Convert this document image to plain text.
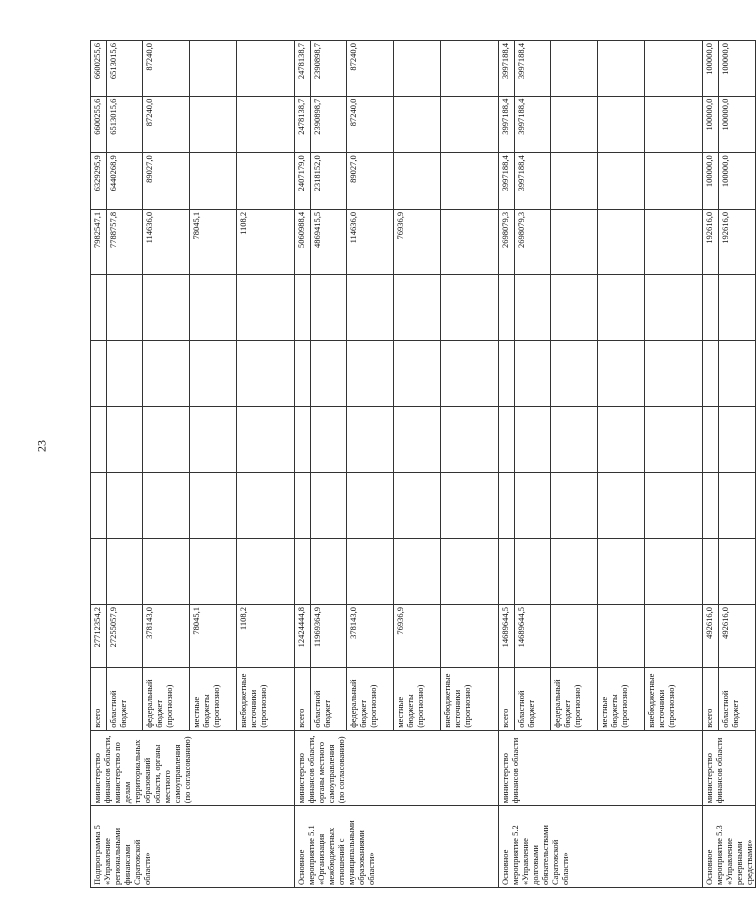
23
Подпрограмма 5 «Управление региональными финансами Саратовской области»	министерство финансов области, министерство по делам территориальных образований области, органы местного самоуправления (по согласованию)	всего	27712354,2						7982547,1	6329295,9	6600255,6	6600255,6
		областной бюджет	27255057,9						7788757,8	6440268,9	6513015,6	6513015,6
		федеральный бюджет (прогнозно)	378143,0						114636,0	89027,0	87240,0	87240,0
		местные бюджеты (прогнозно)	78045,1						78045,1			
		внебюджетные источники (прогнозно)	1108,2						1108,2			
Основное мероприятие 5.1 «Организация межбюджетных отношений с муниципальными образованиями области»	министерство финансов области, органы местного самоуправления (по согласованию)	всего	12424444,8						5060988,4	2407179,0	2478138,7	2478138,7
		областной бюджет	11969364,9						4869415,5	2318152,0	2390898,7	2390898,7
		федеральный бюджет (прогнозно)	378143,0						114636,0	89027,0	87240,0	87240,0
		местные бюджеты (прогнозно)	76936,9						76936,9			
		внебюджетные источники (прогнозно)										
Основное мероприятие 5.2 «Управление долговыми обязательствами Саратовской области»	министерство финансов области	всего	14689644,5						2698079,3	3997188,4	3997188,4	3997188,4
		областной бюджет	14689644,5						2698079,3	3997188,4	3997188,4	3997188,4
		федеральный бюджет (прогнозно)										
		местные бюджеты (прогнозно)										
		внебюджетные источники (прогнозно)										
Основное мероприятие 5.3 «Управление резервными средствами»	министерство финансов области	всего	492616,0						192616,0	100000,0	100000,0	100000,0
		областной бюджет	492616,0						192616,0	100000,0	100000,0	100000,0
